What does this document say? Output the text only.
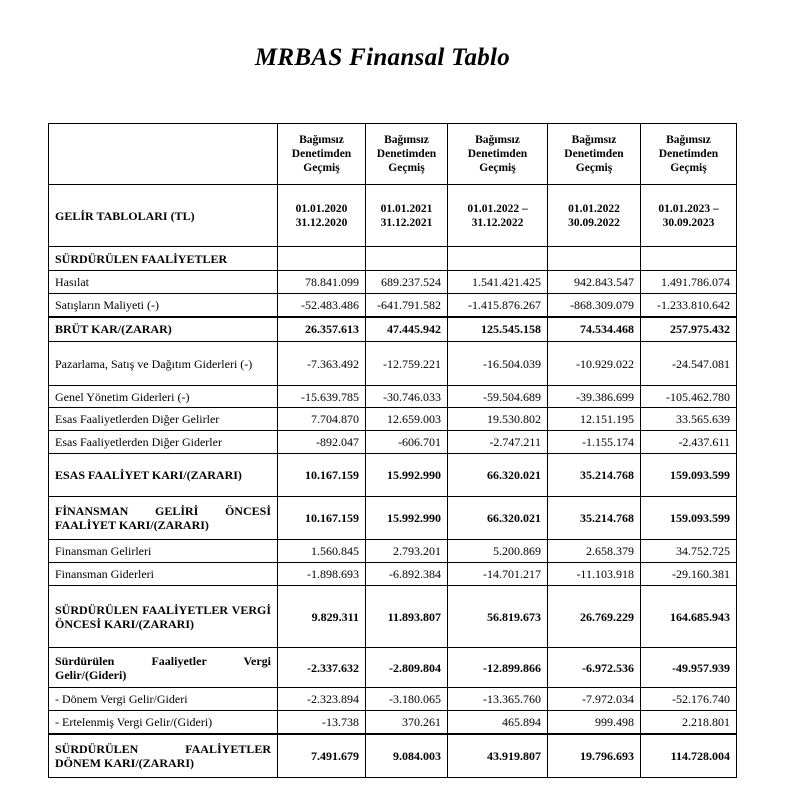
MRBAS Finansal Tablo
	Bağımsız Denetimden Geçmiş	Bağımsız Denetimden Geçmiş	Bağımsız Denetimden Geçmiş	Bağımsız Denetimden Geçmiş	Bağımsız Denetimden Geçmiş
GELİR TABLOLARI (TL)	01.01.2020 31.12.2020	01.01.2021 31.12.2021	01.01.2022 – 31.12.2022	01.01.2022 30.09.2022	01.01.2023 – 30.09.2023
SÜRDÜRÜLEN FAALİYETLER					
Hasılat	78.841.099	689.237.524	1.541.421.425	942.843.547	1.491.786.074
Satışların Maliyeti (-)	-52.483.486	-641.791.582	-1.415.876.267	-868.309.079	-1.233.810.642
BRÜT KAR/(ZARAR)	26.357.613	47.445.942	125.545.158	74.534.468	257.975.432
Pazarlama, Satış ve Dağıtım Giderleri (-)	-7.363.492	-12.759.221	-16.504.039	-10.929.022	-24.547.081
Genel Yönetim Giderleri (-)	-15.639.785	-30.746.033	-59.504.689	-39.386.699	-105.462.780
Esas Faaliyetlerden Diğer Gelirler	7.704.870	12.659.003	19.530.802	12.151.195	33.565.639
Esas Faaliyetlerden Diğer Giderler	-892.047	-606.701	-2.747.211	-1.155.174	-2.437.611
ESAS FAALİYET KARI/(ZARARI)	10.167.159	15.992.990	66.320.021	35.214.768	159.093.599
FİNANSMAN GELİRİ ÖNCESİ FAALİYET KARI/(ZARARI)	10.167.159	15.992.990	66.320.021	35.214.768	159.093.599
Finansman Gelirleri	1.560.845	2.793.201	5.200.869	2.658.379	34.752.725
Finansman Giderleri	-1.898.693	-6.892.384	-14.701.217	-11.103.918	-29.160.381
SÜRDÜRÜLEN FAALİYETLER VERGİ ÖNCESİ KARI/(ZARARI)	9.829.311	11.893.807	56.819.673	26.769.229	164.685.943
Sürdürülen Faaliyetler Vergi Gelir/(Gideri)	-2.337.632	-2.809.804	-12.899.866	-6.972.536	-49.957.939
- Dönem Vergi Gelir/Gideri	-2.323.894	-3.180.065	-13.365.760	-7.972.034	-52.176.740
- Ertelenmiş Vergi Gelir/(Gideri)	-13.738	370.261	465.894	999.498	2.218.801
SÜRDÜRÜLEN FAALİYETLER DÖNEM KARI/(ZARARI)	7.491.679	9.084.003	43.919.807	19.796.693	114.728.004
